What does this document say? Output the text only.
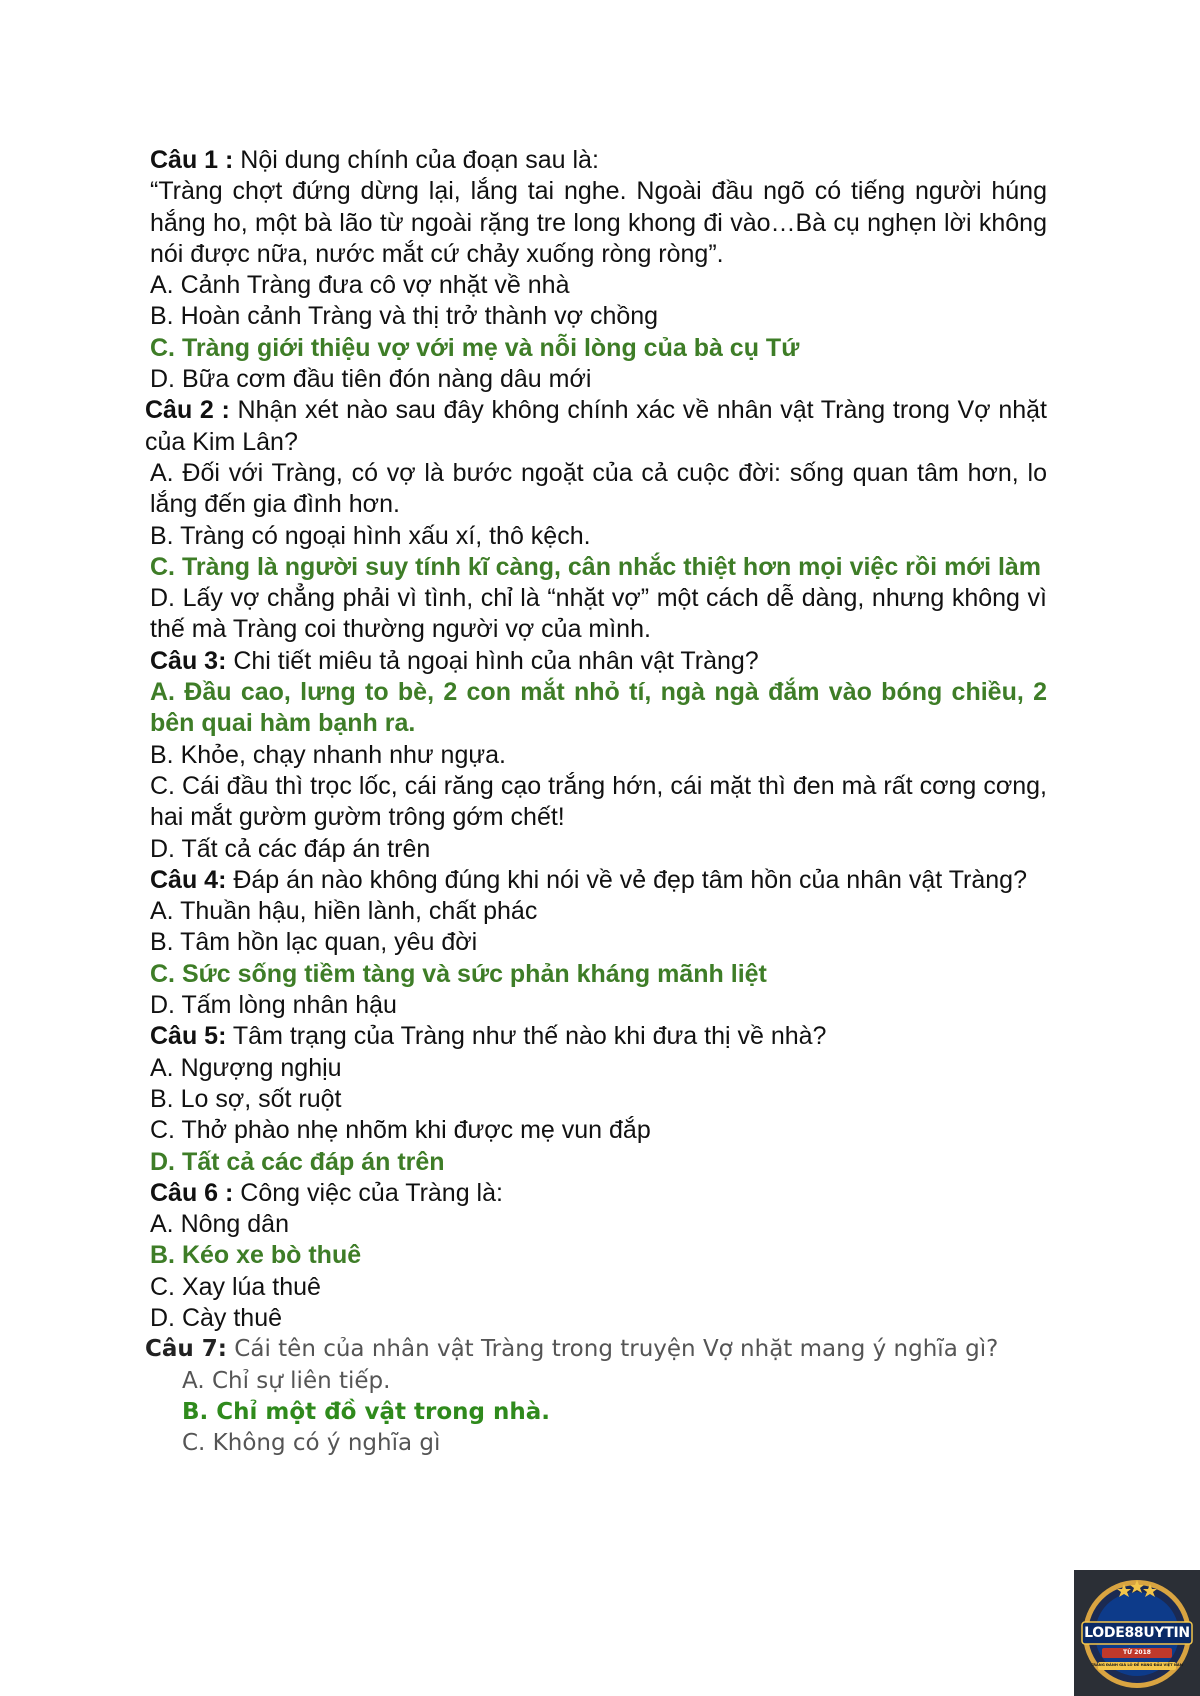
Câu 1 : Nội dung chính của đoạn sau là:
“Tràng chợt đứng dừng lại, lắng tai nghe. Ngoài đầu ngõ có tiếng người húng hắng ho, một bà lão từ ngoài rặng tre long khong đi vào…Bà cụ nghẹn lời không nói được nữa, nước mắt cứ chảy xuống ròng ròng”.
A. Cảnh Tràng đưa cô vợ nhặt về nhà
B. Hoàn cảnh Tràng và thị trở thành vợ chồng
C. Tràng giới thiệu vợ với mẹ và nỗi lòng của bà cụ Tứ
D. Bữa cơm đầu tiên đón nàng dâu mới
Câu 2 : Nhận xét nào sau đây không chính xác về nhân vật Tràng trong Vợ nhặt của Kim Lân?
A. Đối với Tràng, có vợ là bước ngoặt của cả cuộc đời: sống quan tâm hơn, lo lắng đến gia đình hơn.
B. Tràng có ngoại hình xấu xí, thô kệch.
C. Tràng là người suy tính kĩ càng, cân nhắc thiệt hơn mọi việc rồi mới làm
D. Lấy vợ chẳng phải vì tình, chỉ là “nhặt vợ” một cách dễ dàng, nhưng không vì thế mà Tràng coi thường người vợ của mình.
Câu 3: Chi tiết miêu tả ngoại hình của nhân vật Tràng?
A. Đầu cao, lưng to bè, 2 con mắt nhỏ tí, ngà ngà đắm vào bóng chiều, 2 bên quai hàm bạnh ra.
B. Khỏe, chạy nhanh như ngựa.
C. Cái đầu thì trọc lốc, cái răng cạo trắng hớn, cái mặt thì đen mà rất cơng cơng, hai mắt gườm gườm trông gớm chết!
D. Tất cả các đáp án trên
Câu 4: Đáp án nào không đúng khi nói về vẻ đẹp tâm hồn của nhân vật Tràng?
A. Thuần hậu, hiền lành, chất phác
B. Tâm hồn lạc quan, yêu đời
C. Sức sống tiềm tàng và sức phản kháng mãnh liệt
D. Tấm lòng nhân hậu
Câu 5: Tâm trạng của Tràng như thế nào khi đưa thị về nhà?
A. Ngượng nghịu
B. Lo sợ, sốt ruột
C. Thở phào nhẹ nhõm khi được mẹ vun đắp
D. Tất cả các đáp án trên
Câu 6 : Công việc của Tràng là:
A. Nông dân
B. Kéo xe bò thuê
C. Xay lúa thuê
D. Cày thuê
Câu 7: Cái tên của nhân vật Tràng trong truyện Vợ nhặt mang ý nghĩa gì?
A. Chỉ sự liên tiếp.
B. Chỉ một đồ vật trong nhà.
C. Không có ý nghĩa gì
LODE88UYTIN
TỪ 2018
TRANG ĐÁNH GIÁ LÔ ĐỀ HÀNG ĐẦU VIỆT NAM
